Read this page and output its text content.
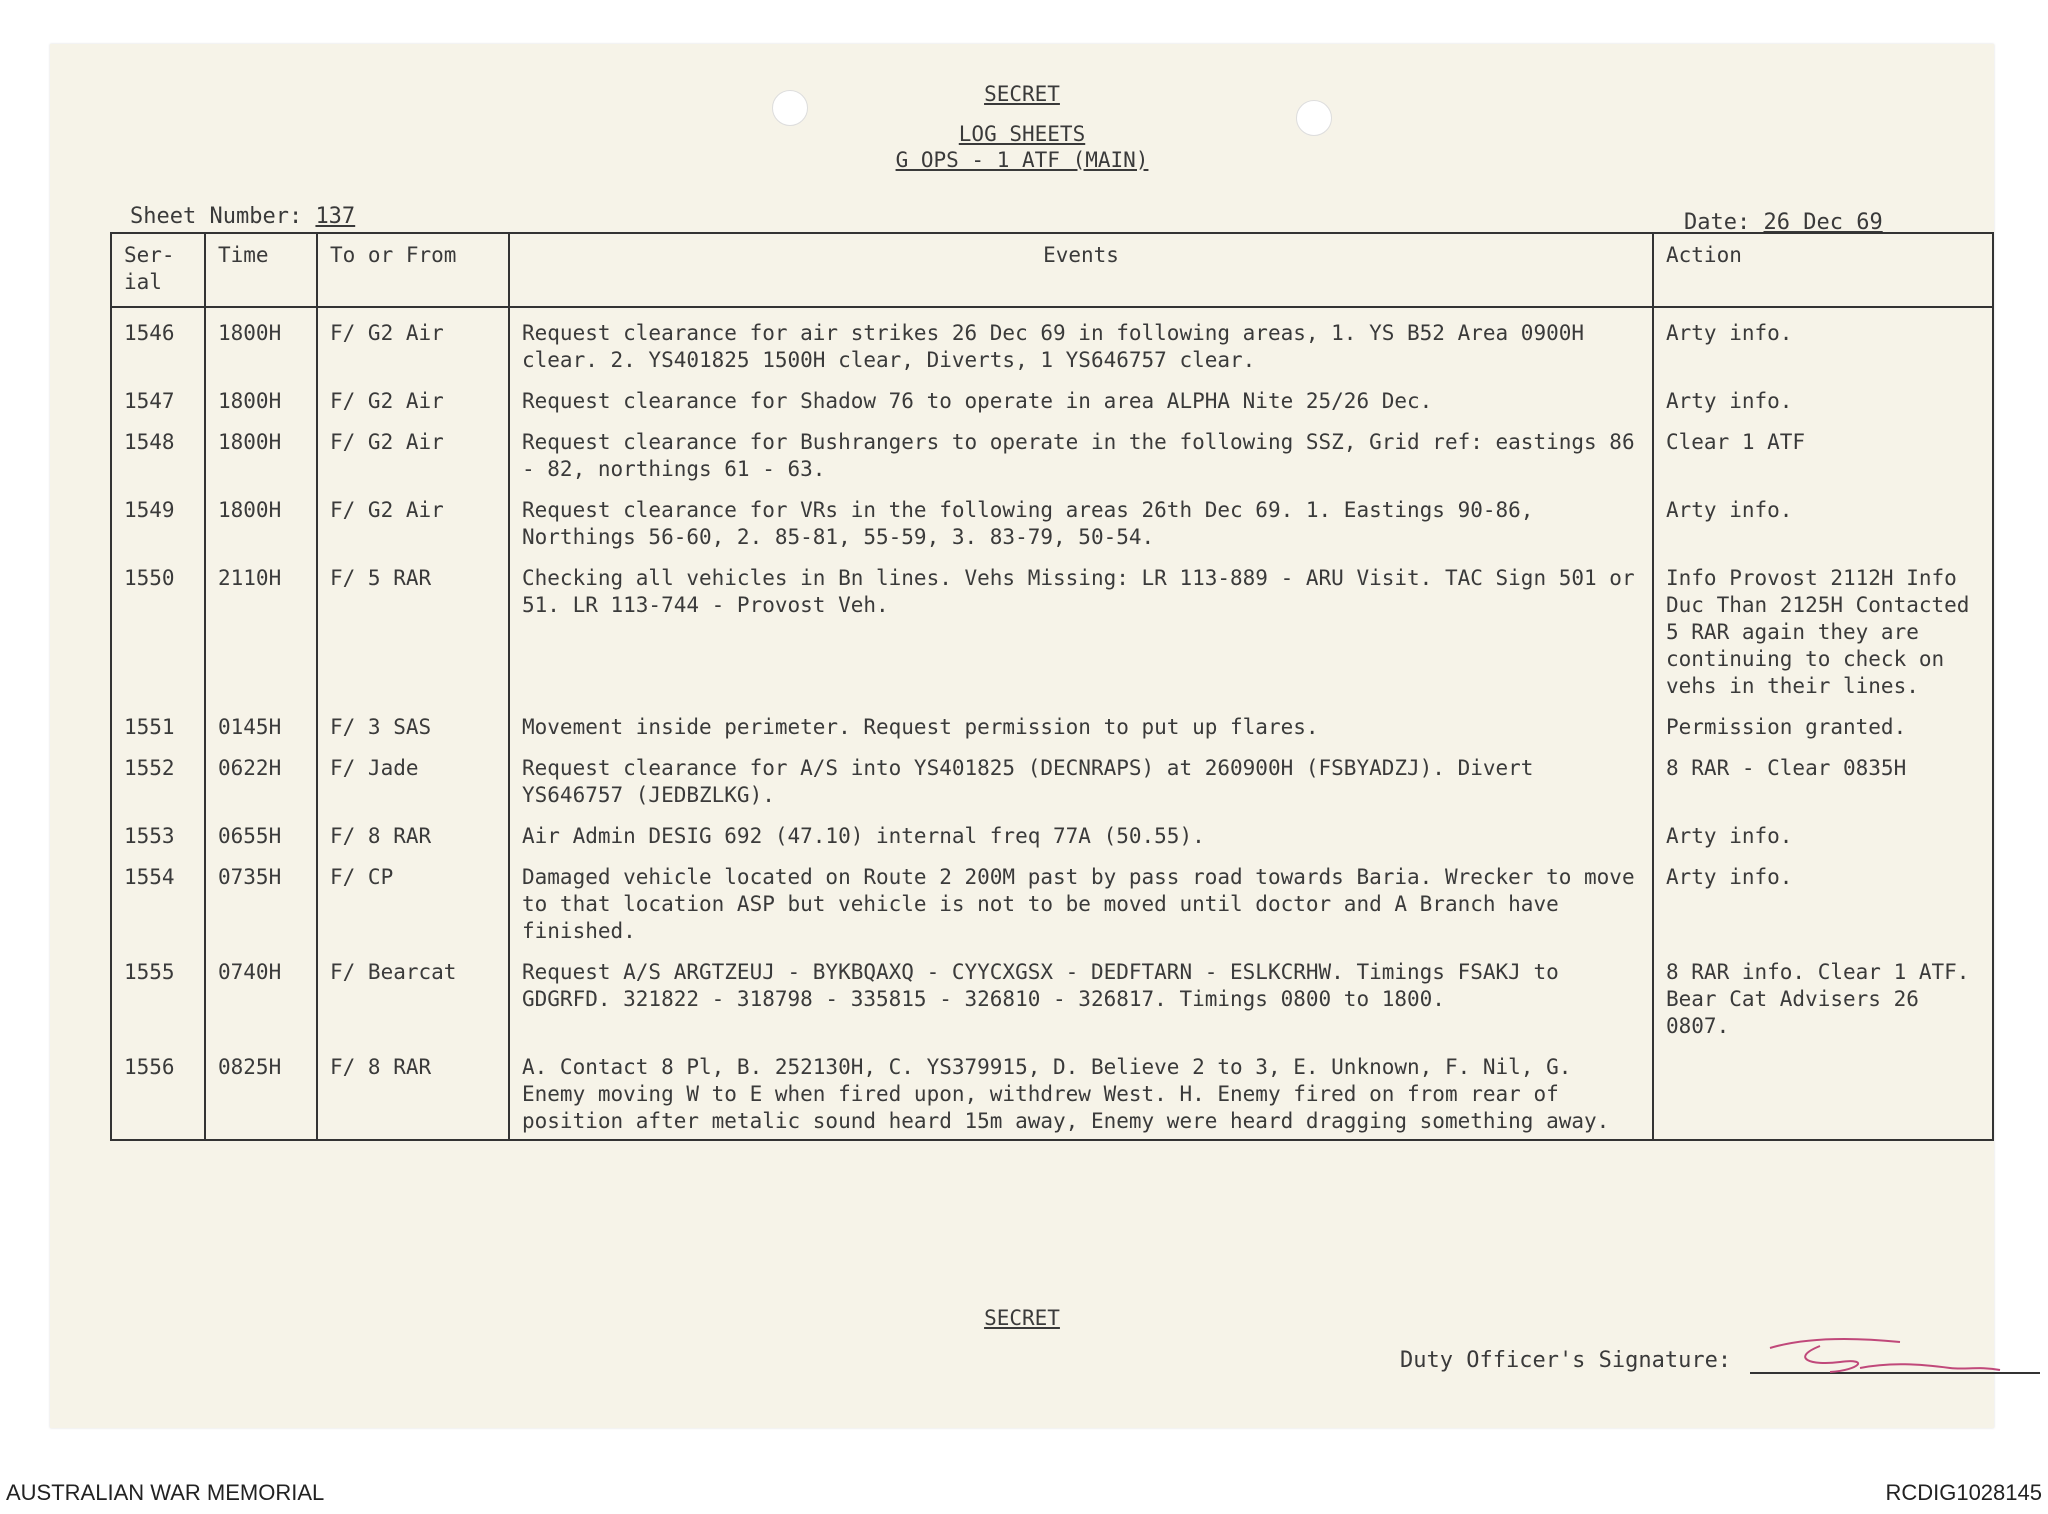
SECRET
LOG SHEETS
G OPS - 1 ATF (MAIN)
Sheet Number: 137	Date: 26 Dec 69
Ser-ial	Time	To or From	Events	Action
1546	1800H	F/ G2 Air	Request clearance for air strikes 26 Dec 69 in following areas, 1. YS B52 Area 0900H clear. 2. YS401825 1500H clear, Diverts, 1 YS646757 clear.	Arty info.
1547	1800H	F/ G2 Air	Request clearance for Shadow 76 to operate in area ALPHA Nite 25/26 Dec.	Arty info.
1548	1800H	F/ G2 Air	Request clearance for Bushrangers to operate in the following SSZ, Grid ref: eastings 86 - 82, northings 61 - 63.	Clear 1 ATF
1549	1800H	F/ G2 Air	Request clearance for VRs in the following areas 26th Dec 69. 1. Eastings 90-86, Northings 56-60, 2. 85-81, 55-59, 3. 83-79, 50-54.	Arty info.
1550	2110H	F/ 5 RAR	Checking all vehicles in Bn lines. Vehs Missing: LR 113-889 - ARU Visit. TAC Sign 501 or 51. LR 113-744 - Provost Veh.	Info Provost 2112H Info Duc Than 2125H Contacted 5 RAR again they are continuing to check on vehs in their lines.
1551	0145H	F/ 3 SAS	Movement inside perimeter. Request permission to put up flares.	Permission granted.
1552	0622H	F/ Jade	Request clearance for A/S into YS401825 (DECNRAPS) at 260900H (FSBYADZJ). Divert YS646757 (JEDBZLKG).	8 RAR - Clear 0835H
1553	0655H	F/ 8 RAR	Air Admin DESIG 692 (47.10) internal freq 77A (50.55).	Arty info.
1554	0735H	F/ CP	Damaged vehicle located on Route 2 200M past by pass road towards Baria. Wrecker to move to that location ASP but vehicle is not to be moved until doctor and A Branch have finished.	Arty info.
1555	0740H	F/ Bearcat	Request A/S ARGTZEUJ - BYKBQAXQ - CYYCXGSX - DEDFTARN - ESLKCRHW. Timings FSAKJ to GDGRFD. 321822 - 318798 - 335815 - 326810 - 326817. Timings 0800 to 1800.	8 RAR info. Clear 1 ATF. Bear Cat Advisers 26 0807.
1556	0825H	F/ 8 RAR	A. Contact 8 Pl, B. 252130H, C. YS379915, D. Believe 2 to 3, E. Unknown, F. Nil, G. Enemy moving W to E when fired upon, withdrew West. H. Enemy fired on from rear of position after metalic sound heard 15m away, Enemy were heard dragging something away.	
SECRET
Duty Officer's Signature:
AUSTRALIAN WAR MEMORIAL	RCDIG1028145
